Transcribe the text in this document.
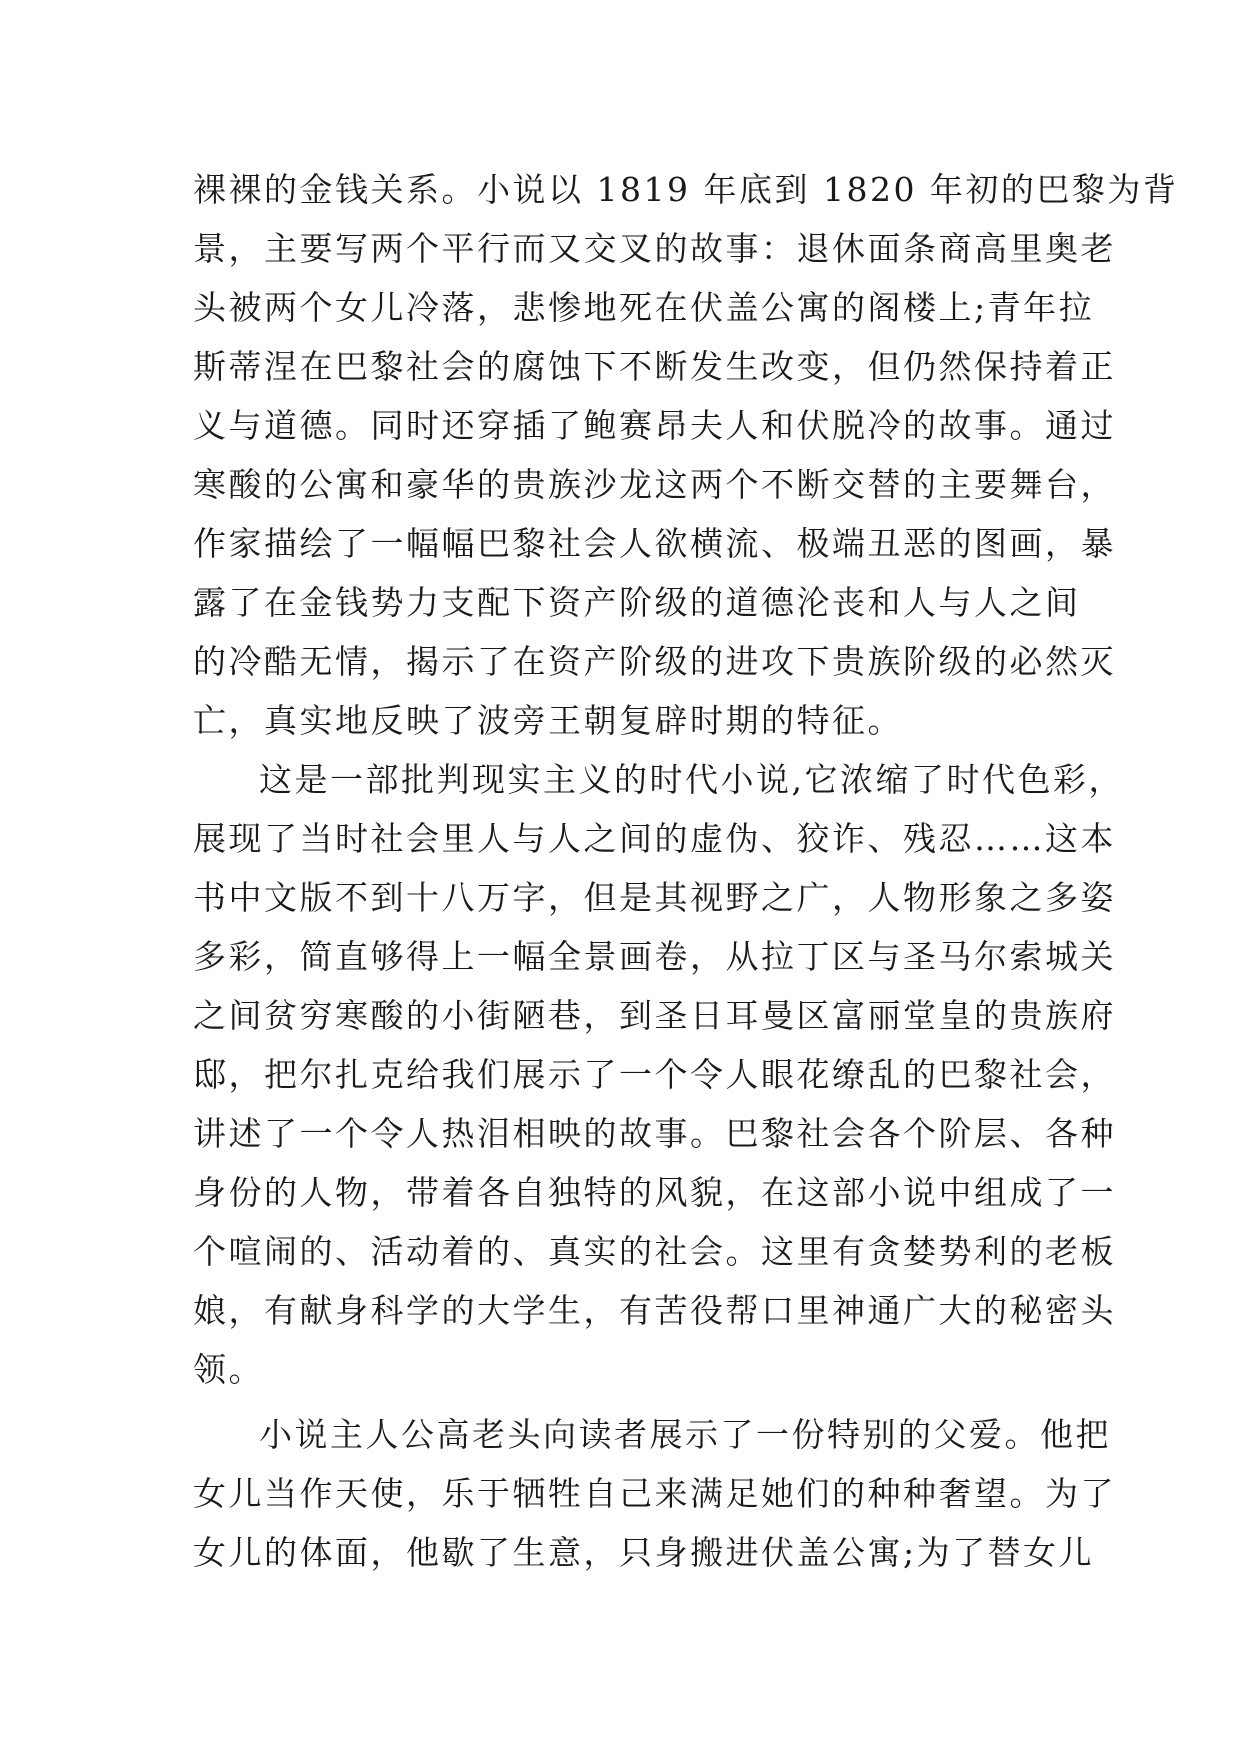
裸裸的金钱关系。小说以 1819 年底到 1820 年初的巴黎为背
景，主要写两个平行而又交叉的故事：退休面条商高里奥老
头被两个女儿冷落，悲惨地死在伏盖公寓的阁楼上;青年拉
斯蒂涅在巴黎社会的腐蚀下不断发生改变，但仍然保持着正
义与道德。同时还穿插了鲍赛昂夫人和伏脱冷的故事。通过
寒酸的公寓和豪华的贵族沙龙这两个不断交替的主要舞台，
作家描绘了一幅幅巴黎社会人欲横流、极端丑恶的图画，暴
露了在金钱势力支配下资产阶级的道德沦丧和人与人之间
的冷酷无情，揭示了在资产阶级的进攻下贵族阶级的必然灭
亡，真实地反映了波旁王朝复辟时期的特征。
这是一部批判现实主义的时代小说,它浓缩了时代色彩，
展现了当时社会里人与人之间的虚伪、狡诈、残忍……这本
书中文版不到十八万字，但是其视野之广，人物形象之多姿
多彩，简直够得上一幅全景画卷，从拉丁区与圣马尔索城关
之间贫穷寒酸的小街陋巷，到圣日耳曼区富丽堂皇的贵族府
邸，把尔扎克给我们展示了一个令人眼花缭乱的巴黎社会，
讲述了一个令人热泪相映的故事。巴黎社会各个阶层、各种
身份的人物，带着各自独特的风貌，在这部小说中组成了一
个喧闹的、活动着的、真实的社会。这里有贪婪势利的老板
娘，有献身科学的大学生，有苦役帮口里神通广大的秘密头
领。
小说主人公高老头向读者展示了一份特别的父爱。他把
女儿当作天使，乐于牺牲自己来满足她们的种种奢望。为了
女儿的体面，他歇了生意，只身搬进伏盖公寓;为了替女儿
